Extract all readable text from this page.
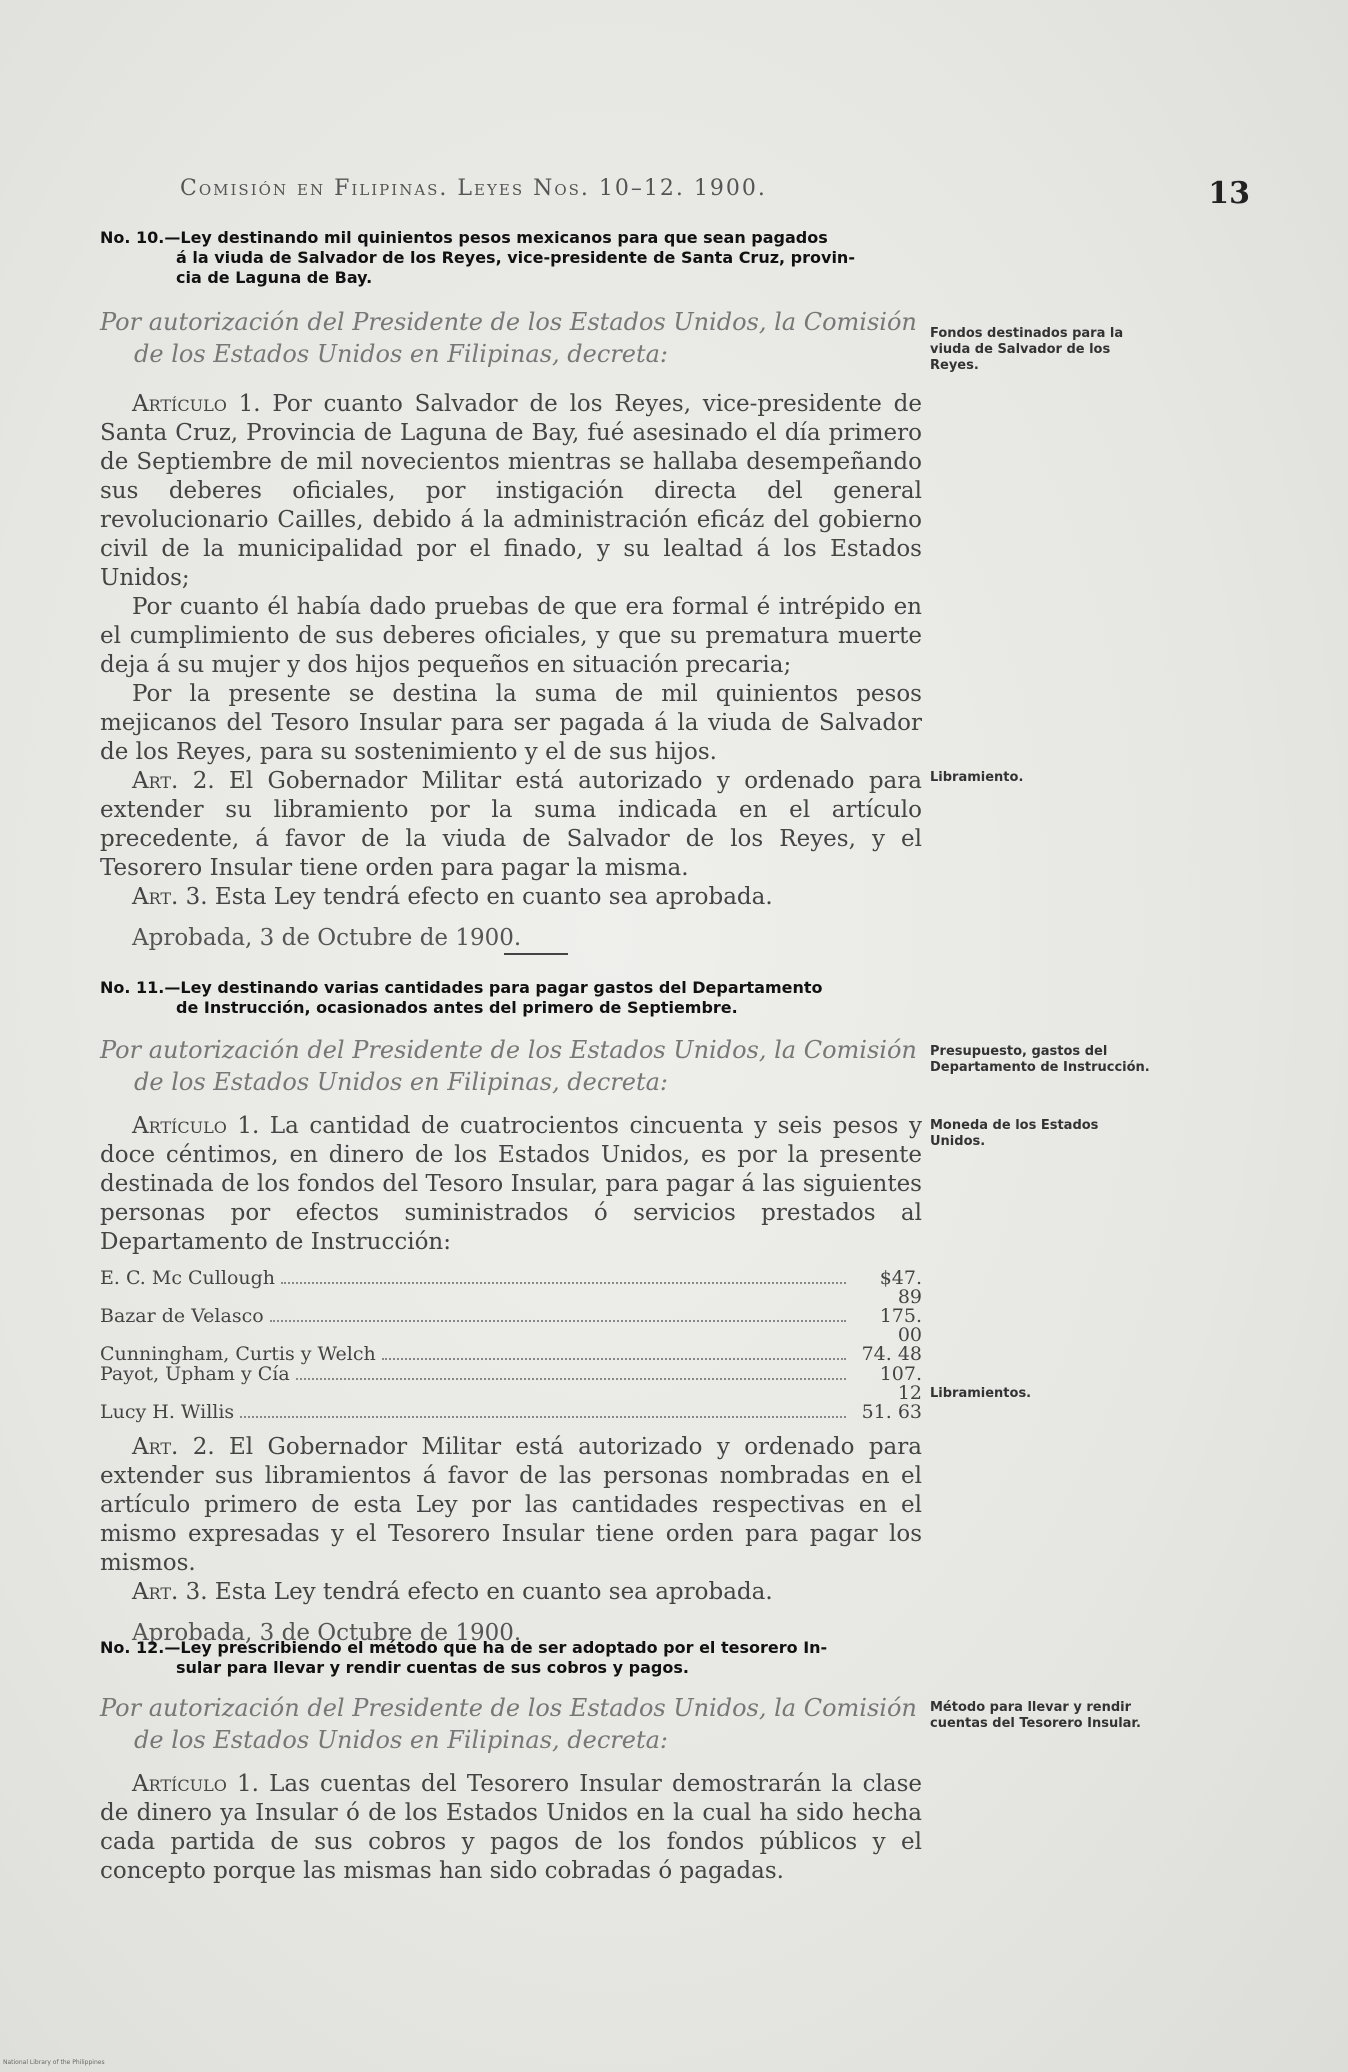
Comisión en Filipinas. Leyes Nos. 10–12. 1900.	13
No. 10.—Ley destinando mil quinientos pesos mexicanos para que sean pagados
á la viuda de Salvador de los Reyes, vice-presidente de Santa Cruz, provin-
cia de Laguna de Bay.
Por autorización del Presidente de los Estados Unidos, la Comisión
de los Estados Unidos en Filipinas, decreta:

Artículo 1. Por cuanto Salvador de los Reyes, vice-presidente de Santa Cruz, Provincia de Laguna de Bay, fué asesinado el día primero de Septiembre de mil novecientos mientras se hallaba desempeñando sus deberes oficiales, por instigación directa del general revolucionario Cailles, debido á la administración eficáz del gobierno civil de la municipalidad por el finado, y su lealtad á los Estados Unidos;

Por cuanto él había dado pruebas de que era formal é intrépido en el cumplimiento de sus deberes oficiales, y que su prematura muerte deja á su mujer y dos hijos pequeños en situación precaria;

Por la presente se destina la suma de mil quinientos pesos mejicanos del Tesoro Insular para ser pagada á la viuda de Salvador de los Reyes, para su sostenimiento y el de sus hijos.

Art. 2. El Gobernador Militar está autorizado y ordenado para extender su libramiento por la suma indicada en el artículo precedente, á favor de la viuda de Salvador de los Reyes, y el Tesorero Insular tiene orden para pagar la misma.

Art. 3. Esta Ley tendrá efecto en cuanto sea aprobada.

Aprobada, 3 de Octubre de 1900.

Fondos destinados para la viuda de Salvador de los Reyes.
Libramiento.
No. 11.—Ley destinando varias cantidades para pagar gastos del Departamento
de Instrucción, ocasionados antes del primero de Septiembre.
Por autorización del Presidente de los Estados Unidos, la Comisión
de los Estados Unidos en Filipinas, decreta:

Artículo 1. La cantidad de cuatrocientos cincuenta y seis pesos y doce céntimos, en dinero de los Estados Unidos, es por la presente destinada de los fondos del Tesoro Insular, para pagar á las siguientes personas por efectos suministrados ó servicios prestados al Departamento de Instrucción:

E. C. Mc Cullough	$47. 89
Bazar de Velasco	175. 00
Cunningham, Curtis y Welch	74. 48
Payot, Upham y Cía	107. 12
Lucy H. Willis	51. 63

Art. 2. El Gobernador Militar está autorizado y ordenado para extender sus libramientos á favor de las personas nombradas en el artículo primero de esta Ley por las cantidades respectivas en el mismo expresadas y el Tesorero Insular tiene orden para pagar los mismos.

Art. 3. Esta Ley tendrá efecto en cuanto sea aprobada.

Aprobada, 3 de Octubre de 1900.

Presupuesto, gastos del Departamento de Instrucción.
Moneda de los Estados Unidos.
Libramientos.
No. 12.—Ley prescribiendo el método que ha de ser adoptado por el tesorero In-
sular para llevar y rendir cuentas de sus cobros y pagos.
Por autorización del Presidente de los Estados Unidos, la Comisión
de los Estados Unidos en Filipinas, decreta:

Artículo 1. Las cuentas del Tesorero Insular demostrarán la clase de dinero ya Insular ó de los Estados Unidos en la cual ha sido hecha cada partida de sus cobros y pagos de los fondos públicos y el concepto porque las mismas han sido cobradas ó pagadas.

Método para llevar y rendir cuentas del Tesorero Insular.
National Library of the Philippines
